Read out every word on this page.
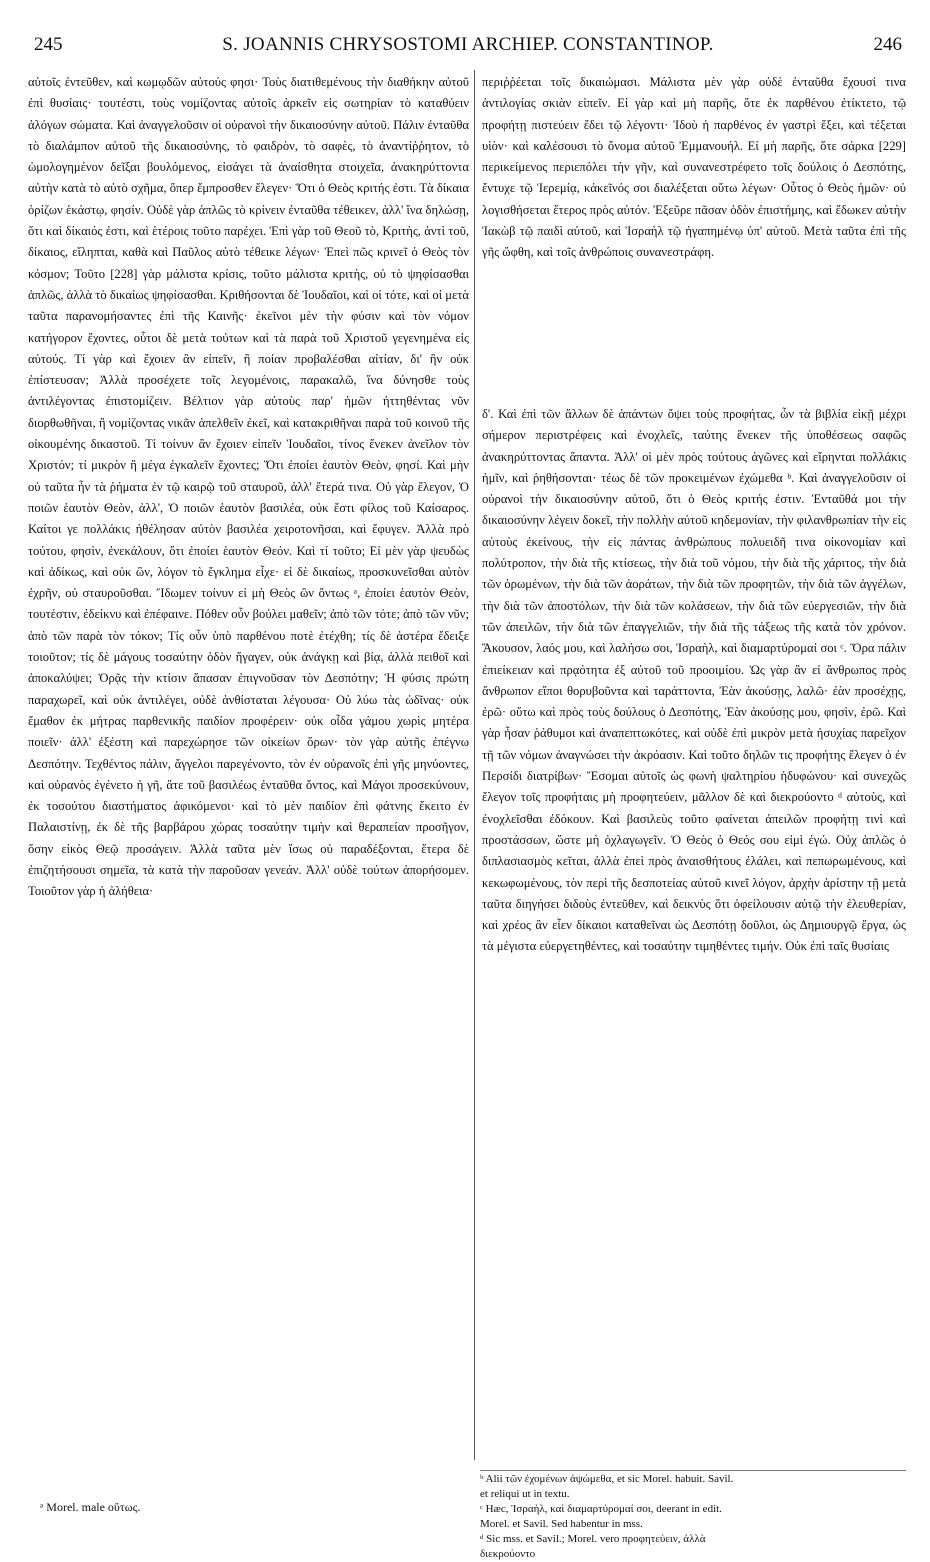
245	S. JOANNIS CHRYSOSTOMI ARCHIEP. CONSTANTINOP.	246
αὐτοῖς ἐντεῦθεν, καὶ κωμῳδῶν αὐτούς φησι· Τοὺς διατιθεμένους τὴν διαθήκην αὐτοῦ ἐπὶ θυσίαις· τουτέστι, τοὺς νομίζοντας αὐτοῖς ἀρκεῖν εἰς σωτηρίαν τὸ καταθύειν ἀλόγων σώματα. Καὶ ἀναγγελοῦσιν οἱ οὐρανοὶ τὴν δικαιοσύνην αὐτοῦ. Πάλιν ἐνταῦθα τὸ διαλάμπον αὐτοῦ τῆς δικαιοσύνης, τὸ φαιδρὸν, τὸ σαφὲς, τὸ ἀναντίῤῥητον, τὸ ὡμολογημένον δεῖξαι βουλόμενος, εἰσάγει τὰ ἀναίσθητα στοιχεῖα, ἀνακηρύττοντα αὐτὴν κατὰ τὸ αὐτὸ σχῆμα, ὅπερ ἔμπροσθεν ἔλεγεν· Ὅτι ὁ Θεὸς κριτής ἐστι. Τὰ δίκαια ὁρίζων ἑκάστῳ, φησίν. Οὐδὲ γὰρ ἁπλῶς τὸ κρίνειν ἐνταῦθα τέθεικεν, ἀλλ' ἵνα δηλώσῃ, ὅτι καὶ δίκαιός ἐστι, καὶ ἑτέροις τοῦτο παρέχει. Ἐπὶ γὰρ τοῦ Θεοῦ τὸ, Κριτὴς, ἀντὶ τοῦ, δίκαιος, εἴληπται, καθὰ καὶ Παῦλος αὐτὸ τέθεικε λέγων· Ἐπεὶ πῶς κρινεῖ ὁ Θεὸς τὸν κόσμον; Τοῦτο [228] γὰρ μάλιστα κρίσις, τοῦτο μάλιστα κριτὴς, οὐ τὸ ψηφίσασθαι ἁπλῶς, ἀλλὰ τὸ δικαίως ψηφίσασθαι. Κριθήσονται δὲ Ἰουδαῖοι, καὶ οἱ τότε, καὶ οἱ μετὰ ταῦτα παρανομήσαντες ἐπὶ τῆς Καινῆς· ἐκεῖνοι μὲν τὴν φύσιν καὶ τὸν νόμον κατήγορον ἔχοντες, οὗτοι δὲ μετὰ τούτων καὶ τὰ παρὰ τοῦ Χριστοῦ γεγενημένα εἰς αὐτούς. Τί γὰρ καὶ ἔχοιεν ἂν εἰπεῖν, ἢ ποίαν προβαλέσθαι αἰτίαν, δι' ἣν οὐκ ἐπίστευσαν; Ἀλλὰ προσέχετε τοῖς λεγομένοις, παρακαλῶ, ἵνα δύνησθε τοὺς ἀντιλέγοντας ἐπιστομίζειν. Βέλτιον γὰρ αὐτοὺς παρ' ἡμῶν ἡττηθέντας νῦν διορθωθῆναι, ἢ νομίζοντας νικᾶν ἀπελθεῖν ἐκεῖ, καὶ κατακριθῆναι παρὰ τοῦ κοινοῦ τῆς οἰκουμένης δικαστοῦ. Τί τοίνυν ἂν ἔχοιεν εἰπεῖν Ἰουδαῖοι, τίνος ἕνεκεν ἀνεῖλον τὸν Χριστόν; τί μικρὸν ἢ μέγα ἐγκαλεῖν ἔχοντες; Ὅτι ἐποίει ἑαυτὸν Θεὸν, φησί. Καὶ μὴν οὐ ταῦτα ἦν τὰ ῥήματα ἐν τῷ καιρῷ τοῦ σταυροῦ, ἀλλ' ἕτερά τινα. Οὐ γὰρ ἔλεγον, Ὁ ποιῶν ἑαυτὸν Θεὸν, ἀλλ', Ὁ ποιῶν ἑαυτὸν βασιλέα, οὐκ ἔστι φίλος τοῦ Καίσαρος. Καίτοι γε πολλάκις ἠθέλησαν αὐτὸν βασιλέα χειροτονῆσαι, καὶ ἔφυγεν. Ἀλλὰ πρὸ τούτου, φησὶν, ἐνεκάλουν, ὅτι ἐποίει ἑαυτὸν Θεόν. Καὶ τί τοῦτο; Εἰ μὲν γὰρ ψευδὼς καὶ ἀδίκως, καὶ οὐκ ὢν, λόγον τὸ ἔγκλημα εἶχε· εἰ δὲ δικαίως, προσκυνεῖσθαι αὐτὸν ἐχρῆν, οὐ σταυροῦσθαι. Ἴδωμεν τοίνυν εἰ μὴ Θεὸς ὢν ὄντως ᵃ, ἐποίει ἑαυτὸν Θεὸν, τουτέστιν, ἐδείκνυ καὶ ἐπέφαινε. Πόθεν οὖν βούλει μαθεῖν; ἀπὸ τῶν τότε; ἀπὸ τῶν νῦν; ἀπὸ τῶν παρὰ τὸν τόκον; Τίς οὖν ὑπὸ παρθένου ποτὲ ἐτέχθη; τίς δὲ ἀστέρα ἔδειξε τοιοῦτον; τίς δὲ μάγους τοσαύτην ὁδὸν ἤγαγεν, οὐκ ἀνάγκῃ καὶ βίᾳ, ἀλλὰ πειθοῖ καὶ ἀποκαλύψει; Ὁρᾷς τὴν κτίσιν ἅπασαν ἐπιγνοῦσαν τὸν Δεσπότην; Ἡ φύσις πρώτη παραχωρεῖ, καὶ οὐκ ἀντιλέγει, οὐδὲ ἀνθίσταται λέγουσα· Οὐ λύω τὰς ὠδῖνας· οὐκ ἔμαθον ἐκ μήτρας παρθενικῆς παιδίον προφέρειν· οὐκ οἶδα γάμου χωρὶς μητέρα ποιεῖν· ἀλλ' ἐξέστη καὶ παρεχώρησε τῶν οἰκείων ὅρων· τὸν γὰρ αὐτῆς ἐπέγνω Δεσπότην. Τεχθέντος πάλιν, ἄγγελοι παρεγένοντο, τὸν ἐν οὐρανοῖς ἐπὶ γῆς μηνύοντες, καὶ οὐρανὸς ἐγένετο ἡ γῆ, ἅτε τοῦ βασιλέως ἐνταῦθα ὄντος, καὶ Μάγοι προσεκύνουν, ἐκ τοσούτου διαστήματος ἀφικόμενοι· καὶ τὸ μὲν παιδίον ἐπὶ φάτνης ἔκειτο ἐν Παλαιστίνῃ, ἐκ δὲ τῆς βαρβάρου χώρας τοσαύτην τιμὴν καὶ θεραπείαν προσῆγον, ὅσην εἰκὸς Θεῷ προσάγειν. Ἀλλὰ ταῦτα μὲν ἴσως οὐ παραδέξονται, ἕτερα δὲ ἐπιζητήσουσι σημεῖα, τὰ κατὰ τὴν παροῦσαν γενεάν. Ἀλλ' οὐδὲ τούτων ἀπορήσομεν. Τοιοῦτον γὰρ ἡ ἀλήθεια·
περιῤῥέεται τοῖς δικαιώμασι. Μάλιστα μὲν γὰρ οὐδὲ ἐνταῦθα ἔχουσί τινα ἀντιλογίας σκιὰν εἰπεῖν. Εἰ γὰρ καὶ μὴ παρῆς, ὅτε ἐκ παρθένου ἐτίκτετο, τῷ προφήτῃ πιστεύειν ἔδει τῷ λέγοντι· Ἰδοὺ ἡ παρθένος ἐν γαστρὶ ἕξει, καὶ τέξεται υἱὸν· καὶ καλέσουσι τὸ ὄνομα αὐτοῦ Ἐμμανουήλ. Εἰ μὴ παρῆς, ὅτε σάρκα [229] περικείμενος περιεπόλει τὴν γῆν, καὶ συνανεστρέφετο τοῖς δούλοις ὁ Δεσπότης, ἔντυχε τῷ Ἱερεμίᾳ, κἀκεῖνός σοι διαλέξεται οὕτω λέγων· Οὗτος ὁ Θεὸς ἡμῶν· οὐ λογισθήσεται ἕτερος πρὸς αὐτόν. Ἐξεῦρε πᾶσαν ὁδὸν ἐπιστήμης, καὶ ἔδωκεν αὐτὴν Ἰακὼβ τῷ παιδὶ αὐτοῦ, καὶ Ἰσραὴλ τῷ ἠγαπημένῳ ὑπ' αὐτοῦ. Μετὰ ταῦτα ἐπὶ τῆς γῆς ὤφθη, καὶ τοῖς ἀνθρώποις συνανεστράφη.
δ'. Καὶ ἐπὶ τῶν ἄλλων δὲ ἁπάντων ὄψει τοὺς προφήτας, ὧν τὰ βιβλία εἰκῇ μέχρι σήμερον περιστρέφεις καὶ ἐνοχλεῖς, ταύτης ἕνεκεν τῆς ὑποθέσεως σαφῶς ἀνακηρύττοντας ἅπαντα. Ἀλλ' οἱ μὲν πρὸς τούτους ἀγῶνες καὶ εἴρηνται πολλάκις ἡμῖν, καὶ ῥηθήσονται· τέως δὲ τῶν προκειμένων ἐχώμεθα ᵇ. Καὶ ἀναγγελοῦσιν οἱ οὐρανοὶ τὴν δικαιοσύνην αὐτοῦ, ὅτι ὁ Θεὸς κριτής ἐστιν. Ἐνταῦθά μοι τὴν δικαιοσύνην λέγειν δοκεῖ, τὴν πολλὴν αὐτοῦ κηδεμονίαν, τὴν φιλανθρωπίαν τὴν εἰς αὐτοὺς ἐκείνους, τὴν εἰς πάντας ἀνθρώπους πολυειδῆ τινα οἰκονομίαν καὶ πολύτροπον, τὴν διὰ τῆς κτίσεως, τὴν διὰ τοῦ νόμου, τὴν διὰ τῆς χάριτος, τὴν διὰ τῶν ὁρωμένων, τὴν διὰ τῶν ἀοράτων, τὴν διὰ τῶν προφητῶν, τὴν διὰ τῶν ἀγγέλων, τὴν διὰ τῶν ἀποστόλων, τὴν διὰ τῶν κολάσεων, τὴν διὰ τῶν εὐεργεσιῶν, τὴν διὰ τῶν ἀπειλῶν, τὴν διὰ τῶν ἐπαγγελιῶν, τὴν διὰ τῆς τάξεως τῆς κατὰ τὸν χρόνον. Ἄκουσον, λαός μου, καὶ λαλήσω σοι, Ἰσραὴλ, καὶ διαμαρτύρομαί σοι ᶜ. Ὅρα πάλιν ἐπιείκειαν καὶ πρᾳότητα ἐξ αὐτοῦ τοῦ προοιμίου. Ὡς γὰρ ἂν εἰ ἄνθρωπος πρὸς ἄνθρωπον εἴποι θορυβοῦντα καὶ ταράττοντα, Ἐὰν ἀκούσῃς, λαλῶ· ἐὰν προσέχῃς, ἐρῶ· οὕτω καὶ πρὸς τοὺς δούλους ὁ Δεσπότης, Ἐὰν ἀκούσῃς μου, φησὶν, ἐρῶ. Καὶ γὰρ ἦσαν ῥάθυμοι καὶ ἀναπεπτωκότες, καὶ οὐδὲ ἐπὶ μικρὸν μετὰ ἡσυχίας παρεῖχον τῇ τῶν νόμων ἀναγνώσει τὴν ἀκρόασιν. Καὶ τοῦτο δηλῶν τις προφήτης ἔλεγεν ὁ ἐν Περσίδι διατρίβων· Ἔσομαι αὐτοῖς ὡς φωνὴ ψαλτηρίου ἡδυφώνου· καὶ συνεχῶς ἔλεγον τοῖς προφήταις μὴ προφητεύειν, μᾶλλον δὲ καὶ διεκρούοντο ᵈ αὐτοὺς, καὶ ἐνοχλεῖσθαι ἐδόκουν. Καὶ βασιλεὺς τοῦτο φαίνεται ἀπειλῶν προφήτῃ τινὶ καὶ προστάσσων, ὥστε μὴ ὀχλαγωγεῖν. Ὁ Θεὸς ὁ Θεός σου εἰμὶ ἐγώ. Οὐχ ἁπλῶς ὁ διπλασιασμὸς κεῖται, ἀλλὰ ἐπεὶ πρὸς ἀναισθήτους ἐλάλει, καὶ πεπωρωμένους, καὶ κεκωφωμένους, τὸν περὶ τῆς δεσποτείας αὐτοῦ κινεῖ λόγον, ἀρχὴν ἀρίστην τῇ μετὰ ταῦτα διηγήσει διδοὺς ἐντεῦθεν, καὶ δεικνὺς ὅτι ὀφείλουσιν αὐτῷ τὴν ἐλευθερίαν, καὶ χρέος ἂν εἶεν δίκαιοι καταθεῖναι ὡς Δεσπότῃ δοῦλοι, ὡς Δημιουργῷ ἔργα, ὡς τὰ μέγιστα εὐεργετηθέντες, καὶ τοσαύτην τιμηθέντες τιμήν. Οὐκ ἐπὶ ταῖς θυσίαις
ᵇ Alii τῶν ἐχομένων ἀψώμεθα, et sic Morel. habuit. Savil.
et reliqui ut in textu.
ᶜ Hæc, Ἰσραὴλ, καὶ διαμαρτύρομαί σοι, deerant in edit.
Morel. et Savil. Sed habentur in mss.
ᵈ Sic mss. et Savil.; Morel. vero προφητεύειν, ἀλλὰ
διεκρούοντο
ᵃ Morel. male οὕτως.
